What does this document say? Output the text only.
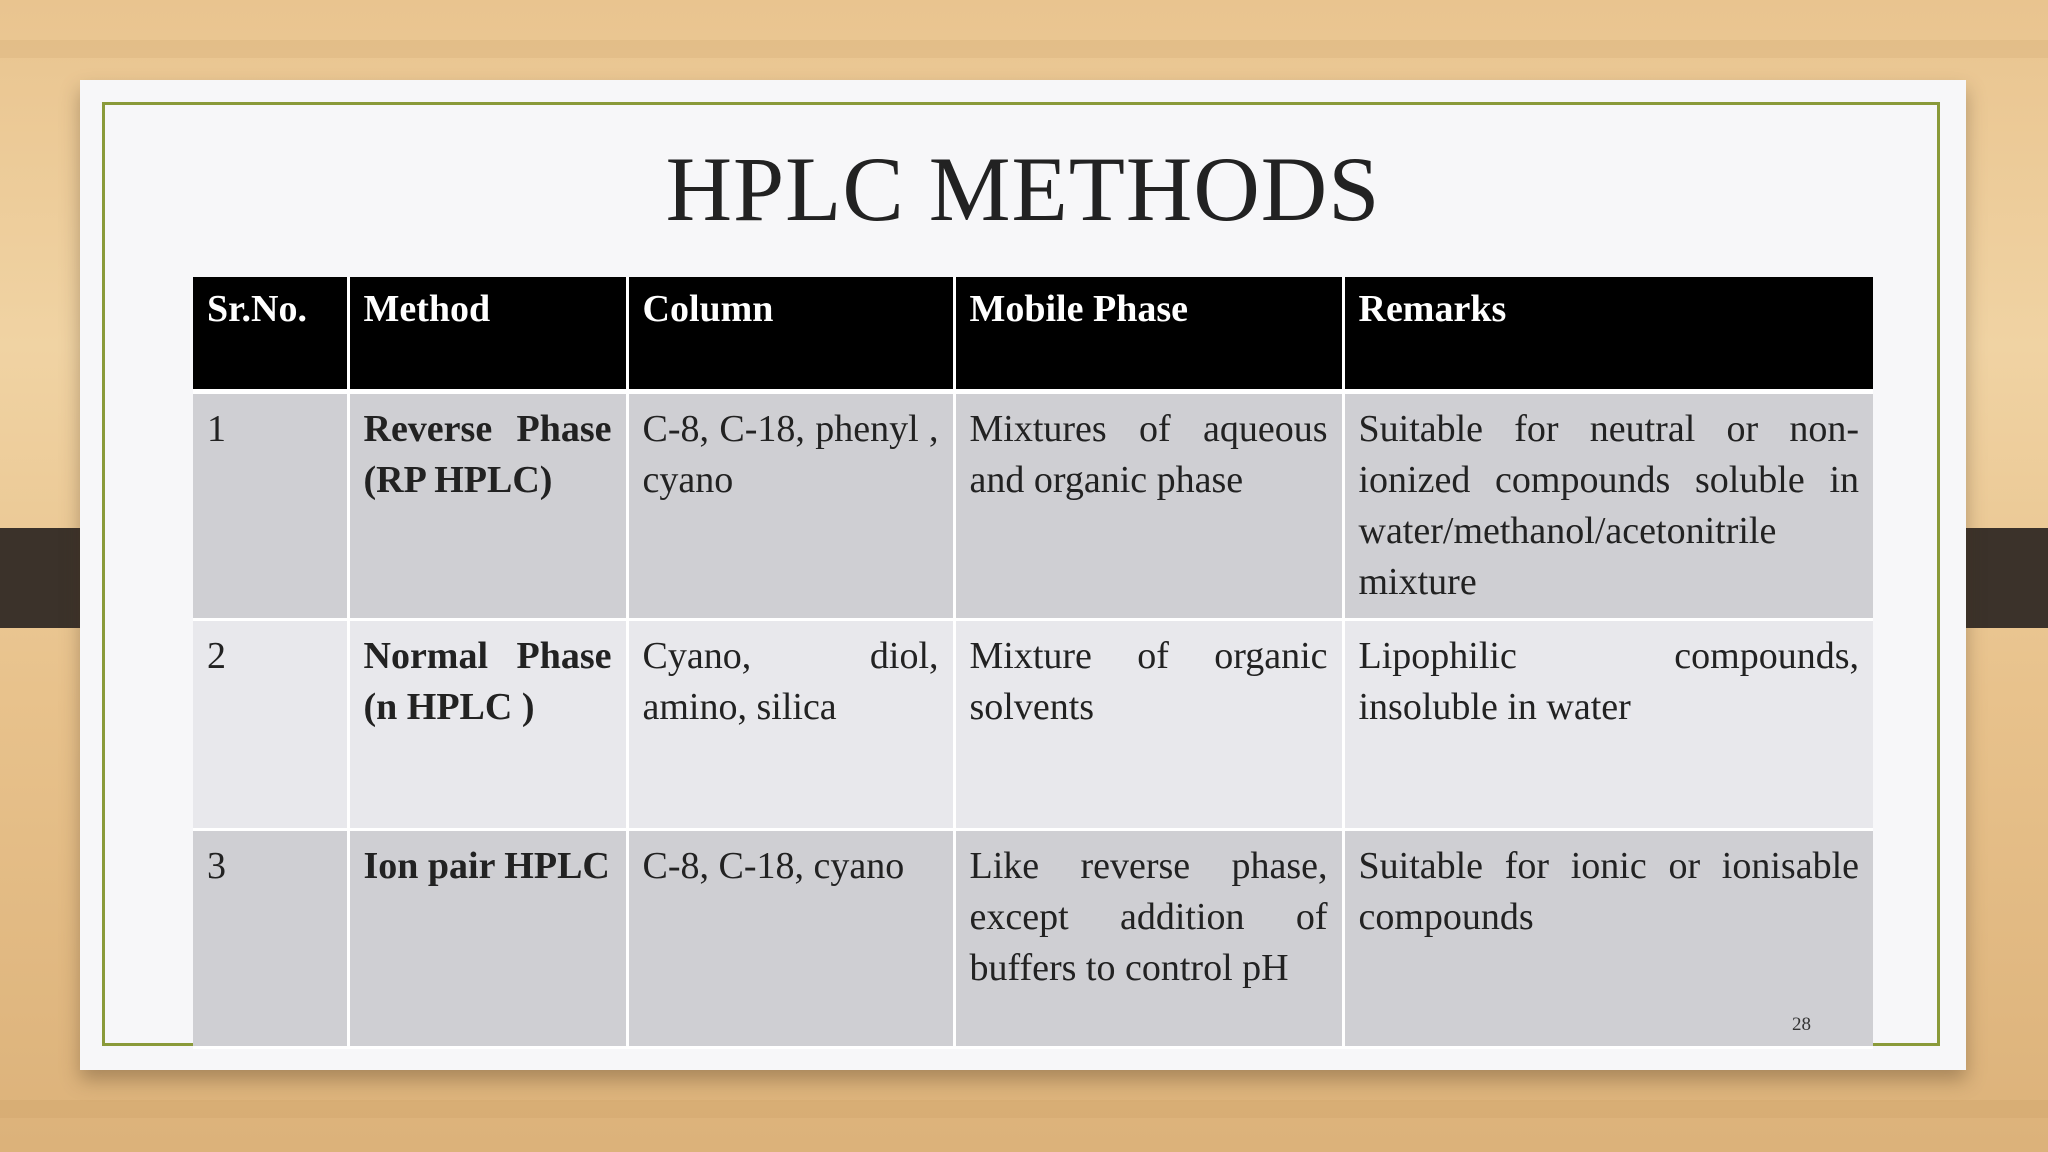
HPLC METHODS
Sr.No.	Method	Column	Mobile Phase	Remarks
1	Reverse Phase (RP HPLC)	C-8, C-18, phenyl , cyano	Mixtures of aqueous and organic phase	Suitable for neutral or non-ionized compounds soluble in water/methanol/acetonitrile mixture
2	Normal Phase (n HPLC )	Cyano, diol, amino, silica	Mixture of organic solvents	Lipophilic compounds, insoluble in water
3	Ion pair HPLC	C-8, C-18, cyano	Like reverse phase, except addition of buffers to control pH	Suitable for ionic or ionisable compounds
28
